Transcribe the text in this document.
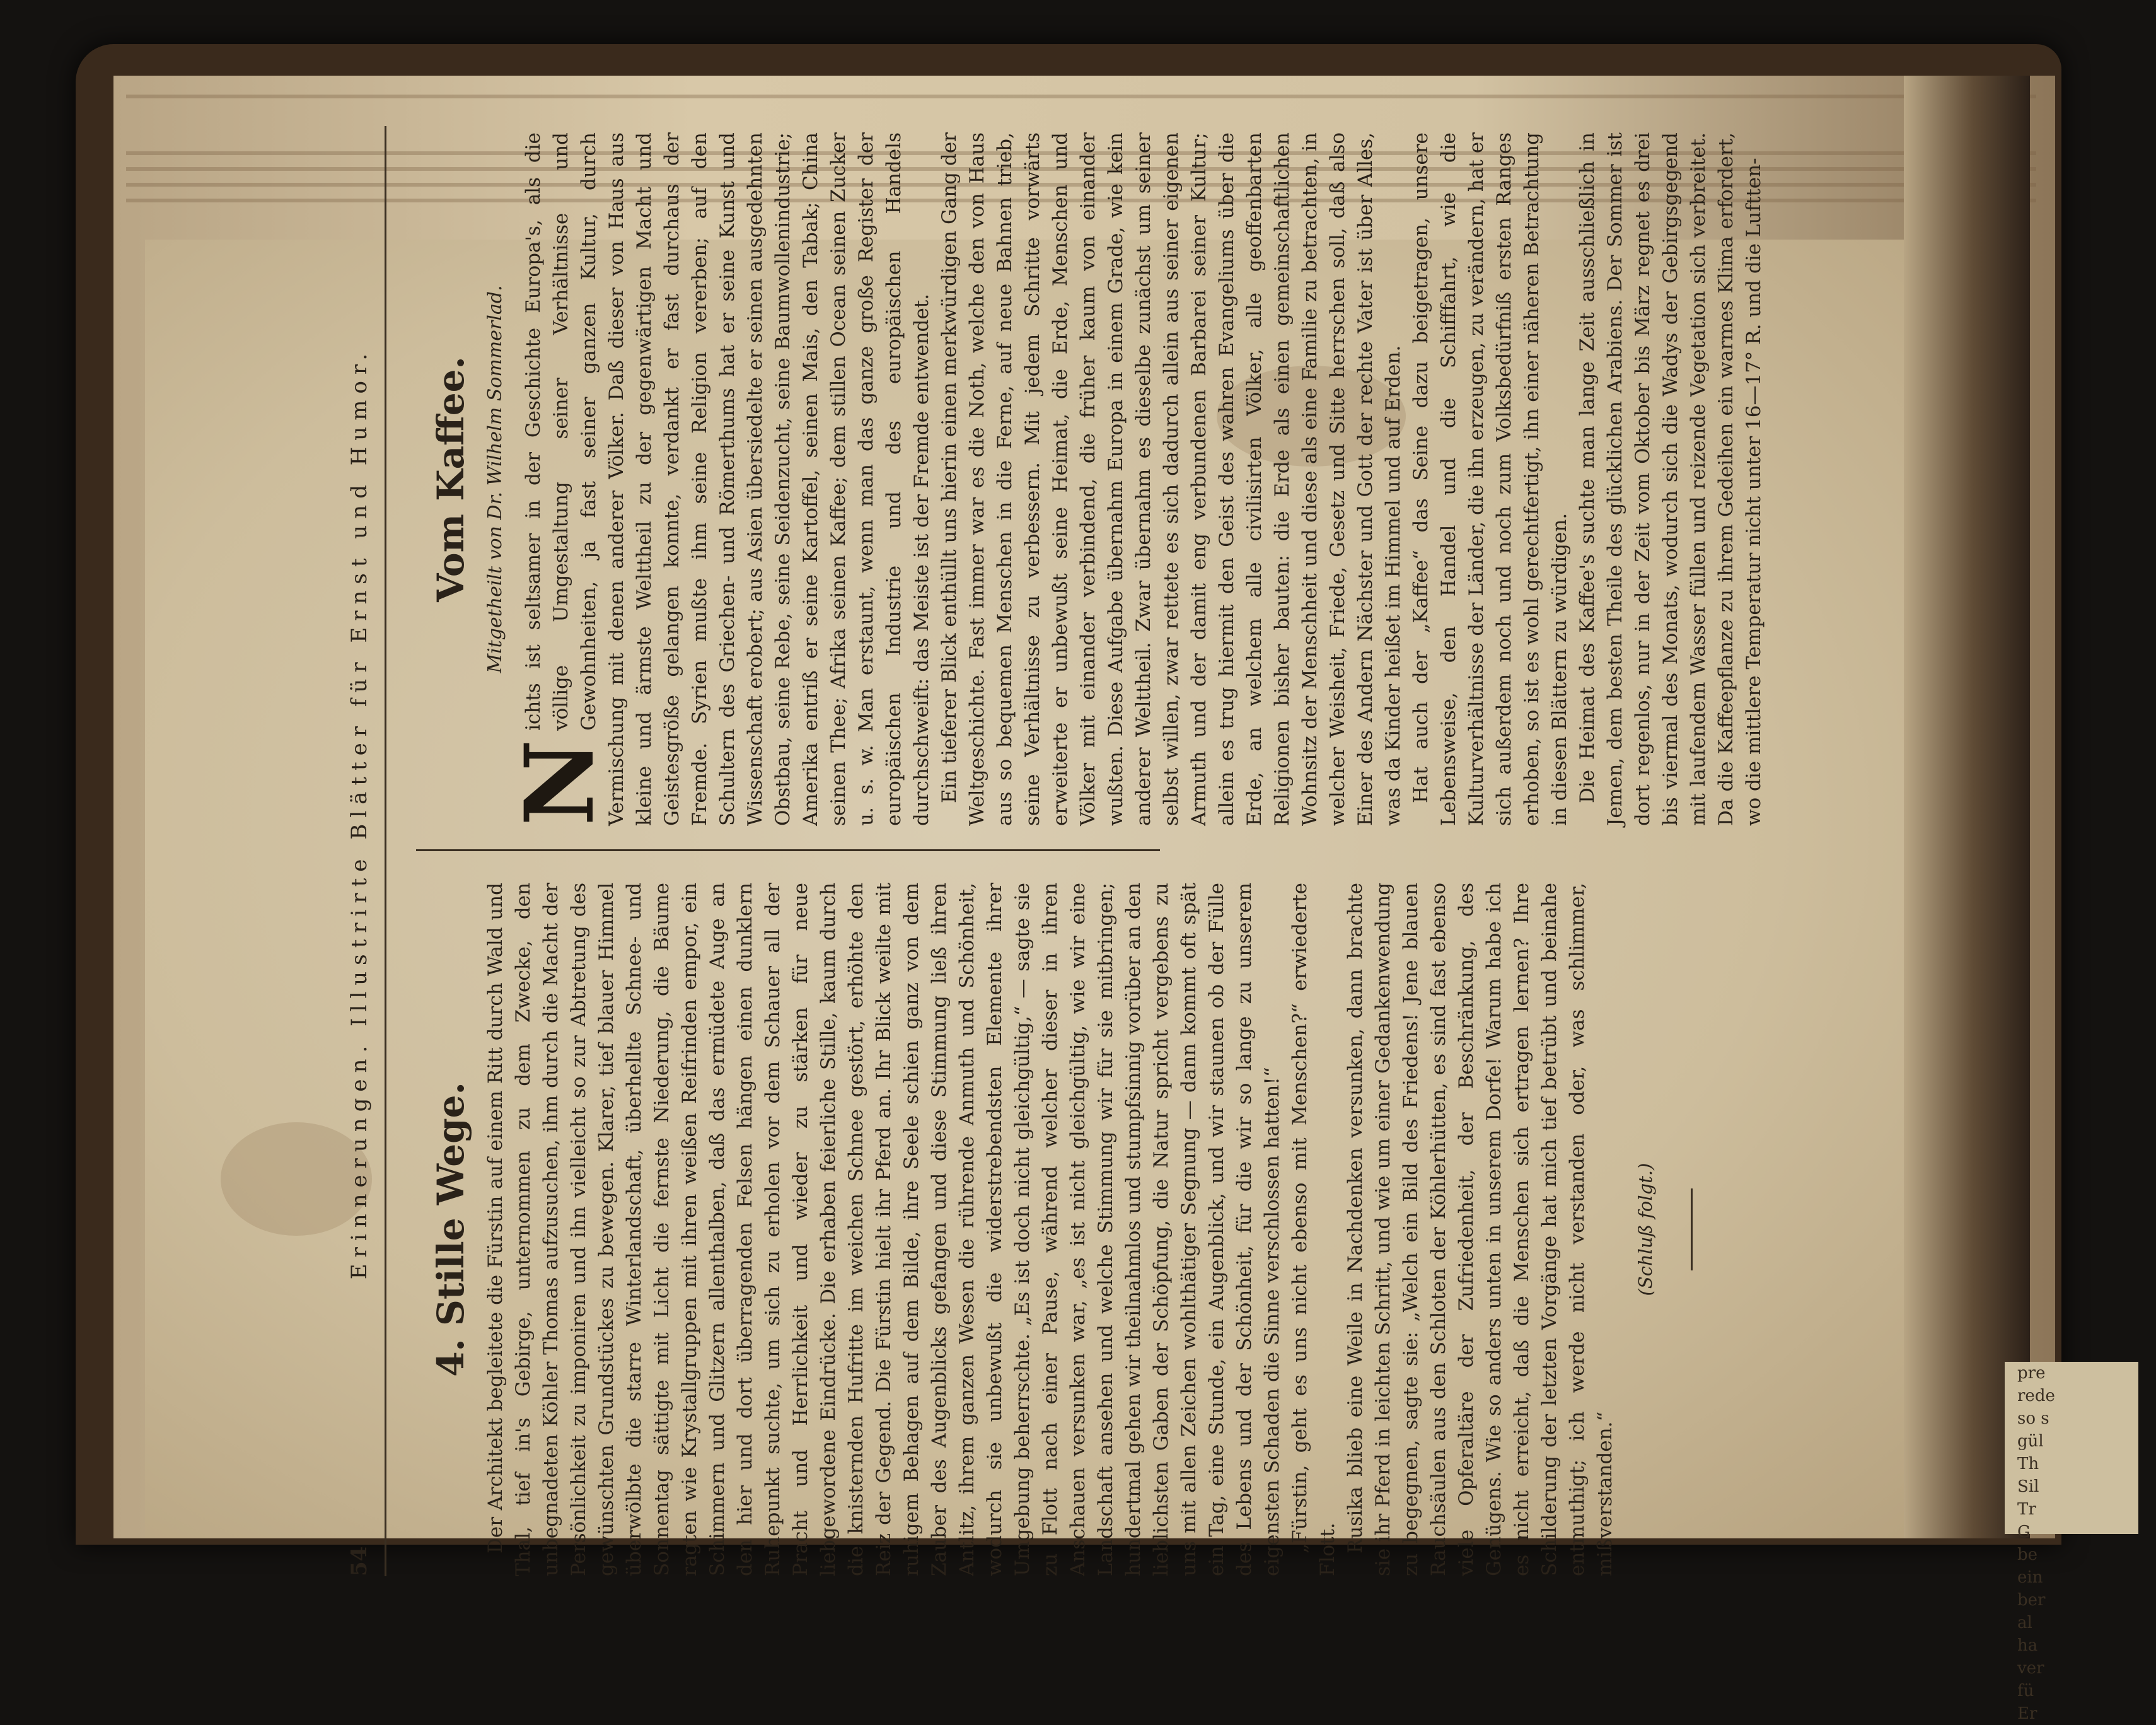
pre
rede
so s
gül
Th
Sil
Tr
G
be
ein
ber
al
ha
ver
fü
Er
54
Erinnerungen. Illustrirte Blätter für Ernst und Humor. 4. Stille Wege. Der Architekt begleitete die Fürstin auf einem Ritt durch Wald und Thal, tief in's Gebirge, unternommen zu dem Zwecke, den unbegnadeten Köhler Thomas aufzusuchen, ihm durch die Macht der Persönlichkeit zu imponiren und ihn vielleicht so zur Abtretung des gewünschten Grundstückes zu bewegen. Klarer, tief blauer Himmel überwölbte die starre Winterlandschaft, überhellte Schnee- und Sonnentag sättigte mit Licht die fernste Niederung, die Bäume ragten wie Krystallgruppen mit ihren weißen Reifrinden empor, ein Schimmern und Glitzern allenthalben, daß das ermüdete Auge an den hier und dort überragenden Felsen hängen einen dunklern Ruhepunkt suchte, um sich zu erholen vor dem Schauer all der Pracht und Herrlichkeit und wieder zu stärken für neue liebgewordene Eindrücke. Die erhaben feierliche Stille, kaum durch die knisternden Hufritte im weichen Schnee gestört, erhöhte den Reiz der Gegend. Die Fürstin hielt ihr Pferd an. Ihr Blick weilte mit ruhigem Behagen auf dem Bilde, ihre Seele schien ganz von dem Zauber des Augenblicks gefangen und diese Stimmung ließ ihren Antlitz, ihrem ganzen Wesen die rührende Anmuth und Schönheit, wodurch sie unbewußt die widerstrebendsten Elemente ihrer Umgebung beherrschte. „Es ist doch nicht gleichgültig,“ — sagte sie zu Flott nach einer Pause, während welcher dieser in ihren Anschauen versunken war, „es ist nicht gleichgültig, wie wir eine Landschaft ansehen und welche Stimmung wir für sie mitbringen; hundertmal gehen wir theilnahmlos und stumpfsinnig vorüber an den lieblichsten Gaben der Schöpfung, die Natur spricht vergebens zu uns mit allen Zeichen wohlthätiger Segnung — dann kommt oft spät ein Tag, eine Stunde, ein Augenblick, und wir staunen ob der Fülle des Lebens und der Schönheit, für die wir so lange zu unserem eigensten Schaden die Sinne verschlossen hatten!“ „Fürstin, geht es uns nicht ebenso mit Menschen?“ erwiederte Flott. Rusika blieb eine Weile in Nachdenken versunken, dann brachte sie ihr Pferd in leichten Schritt, und wie um einer Gedankenwendung zu begegnen, sagte sie: „Welch ein Bild des Friedens! Jene blauen Rauchsäulen aus den Schloten der Köhlerhütten, es sind fast ebenso viele Opferaltäre der Zufriedenheit, der Beschränkung, des Genügens. Wie so anders unten in unserem Dorfe! Warum habe ich es nicht erreicht, daß die Menschen sich ertragen lernen? Ihre Schilderung der letzten Vorgänge hat mich tief betrübt und beinahe entmuthigt; ich werde nicht verstanden oder, was schlimmer, mißverstanden.“

(Schluß folgt.)
Vom Kaffee. Mitgetheilt von Dr. Wilhelm Sommerlad.

N
ichts ist seltsamer in der Geschichte Europa's, als die völlige Umgestaltung seiner Verhältnisse und Gewohnheiten, ja fast seiner ganzen Kultur, durch Vermischung mit denen anderer Völker. Daß dieser von Haus aus kleine und ärmste Welttheil zu der gegenwärtigen Macht und Geistesgröße gelangen konnte, verdankt er fast durchaus der Fremde. Syrien mußte ihm seine Religion vererben; auf den Schultern des Griechen- und Römerthums hat er seine Kunst und Wissenschaft erobert; aus Asien übersiedelte er seinen ausgedehnten Obstbau, seine Rebe, seine Seidenzucht, seine Baumwollenindustrie; Amerika entriß er seine Kartoffel, seinen Mais, den Tabak; China seinen Thee; Afrika seinen Kaffee; dem stillen Ocean seinen Zucker u. s. w. Man erstaunt, wenn man das ganze große Register der europäischen Industrie und des europäischen Handels durchschweift: das Meiste ist der Fremde entwendet. Ein tieferer Blick enthüllt uns hierin einen merkwürdigen Gang der Weltgeschichte. Fast immer war es die Noth, welche den von Haus aus so bequemen Menschen in die Ferne, auf neue Bahnen trieb, seine Verhältnisse zu verbessern. Mit jedem Schritte vorwärts erweiterte er unbewußt seine Heimat, die Erde, Menschen und Völker mit einander verbindend, die früher kaum von einander wußten. Diese Aufgabe übernahm Europa in einem Grade, wie kein anderer Welttheil. Zwar übernahm es dieselbe zunächst um seiner selbst willen, zwar rettete es sich dadurch allein aus seiner eigenen Armuth und der damit eng verbundenen Barbarei seiner Kultur; allein es trug hiermit den Geist des wahren Evangeliums über die Erde, an welchem alle civilisirten Völker, alle geoffenbarten Religionen bisher bauten: die Erde als einen gemeinschaftlichen Wohnsitz der Menschheit und diese als eine Familie zu betrachten, in welcher Weisheit, Friede, Gesetz und Sitte herrschen soll, daß also Einer des Andern Nächster und Gott der rechte Vater ist über Alles, was da Kinder heißet im Himmel und auf Erden. Hat auch der „Kaffee“ das Seine dazu beigetragen, unsere Lebensweise, den Handel und die Schifffahrt, wie die Kulturverhältnisse der Länder, die ihn erzeugen, zu verändern, hat er sich außerdem noch und noch zum Volksbedürfniß ersten Ranges erhoben, so ist es wohl gerechtfertigt, ihn einer näheren Betrachtung in diesen Blättern zu würdigen. Die Heimat des Kaffee's suchte man lange Zeit ausschließlich in Jemen, dem besten Theile des glücklichen Arabiens. Der Sommer ist dort regenlos, nur in der Zeit vom Oktober bis März regnet es drei bis viermal des Monats, wodurch sich die Wadys der Gebirgsgegend mit laufendem Wasser füllen und reizende Vegetation sich verbreitet. Da die Kaffeepflanze zu ihrem Gedeihen ein warmes Klima erfordert, wo die mittlere Temperatur nicht unter 16—17° R. und die Luftten-
